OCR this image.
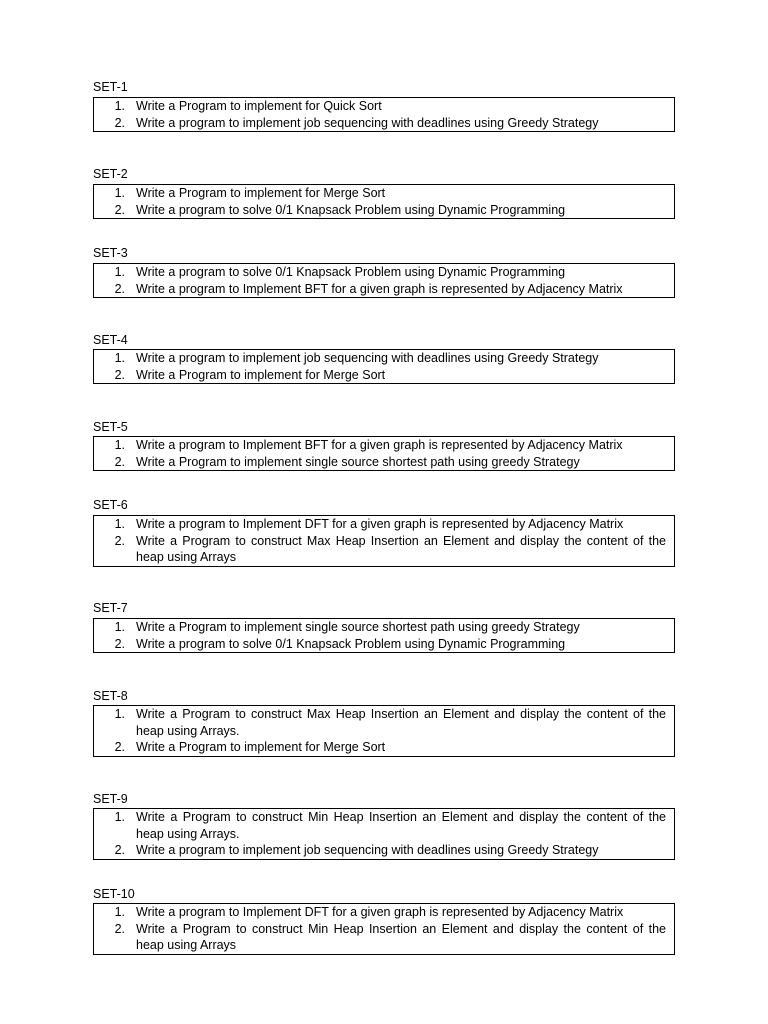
SET-1
1. Write a Program to implement for Quick Sort
2. Write a program to implement job sequencing with deadlines using Greedy Strategy
SET-2
1. Write a Program to implement for Merge Sort
2. Write a program to solve 0/1 Knapsack Problem using Dynamic Programming
SET-3
1. Write a program to solve 0/1 Knapsack Problem using Dynamic Programming
2. Write a program to Implement BFT for a given graph is represented by Adjacency Matrix
SET-4
1. Write a program to implement job sequencing with deadlines using Greedy Strategy
2. Write a Program to implement for Merge Sort
SET-5
1. Write a program to Implement BFT for a given graph is represented by Adjacency Matrix
2. Write a Program to implement single source shortest path using greedy Strategy
SET-6
1. Write a program to Implement DFT for a given graph is represented by Adjacency Matrix
2. Write a Program to construct Max Heap Insertion an Element and display the content of the heap using Arrays
SET-7
1. Write a Program to implement single source shortest path using greedy Strategy
2. Write a program to solve 0/1 Knapsack Problem using Dynamic Programming
SET-8
1. Write a Program to construct Max Heap Insertion an Element and display the content of the heap using Arrays.
2. Write a Program to implement for Merge Sort
SET-9
1. Write a Program to construct Min Heap Insertion an Element and display the content of the heap using Arrays.
2. Write a program to implement job sequencing with deadlines using Greedy Strategy
SET-10
1. Write a program to Implement DFT for a given graph is represented by Adjacency Matrix
2. Write a Program to construct Min Heap Insertion an Element and display the content of the heap using Arrays
